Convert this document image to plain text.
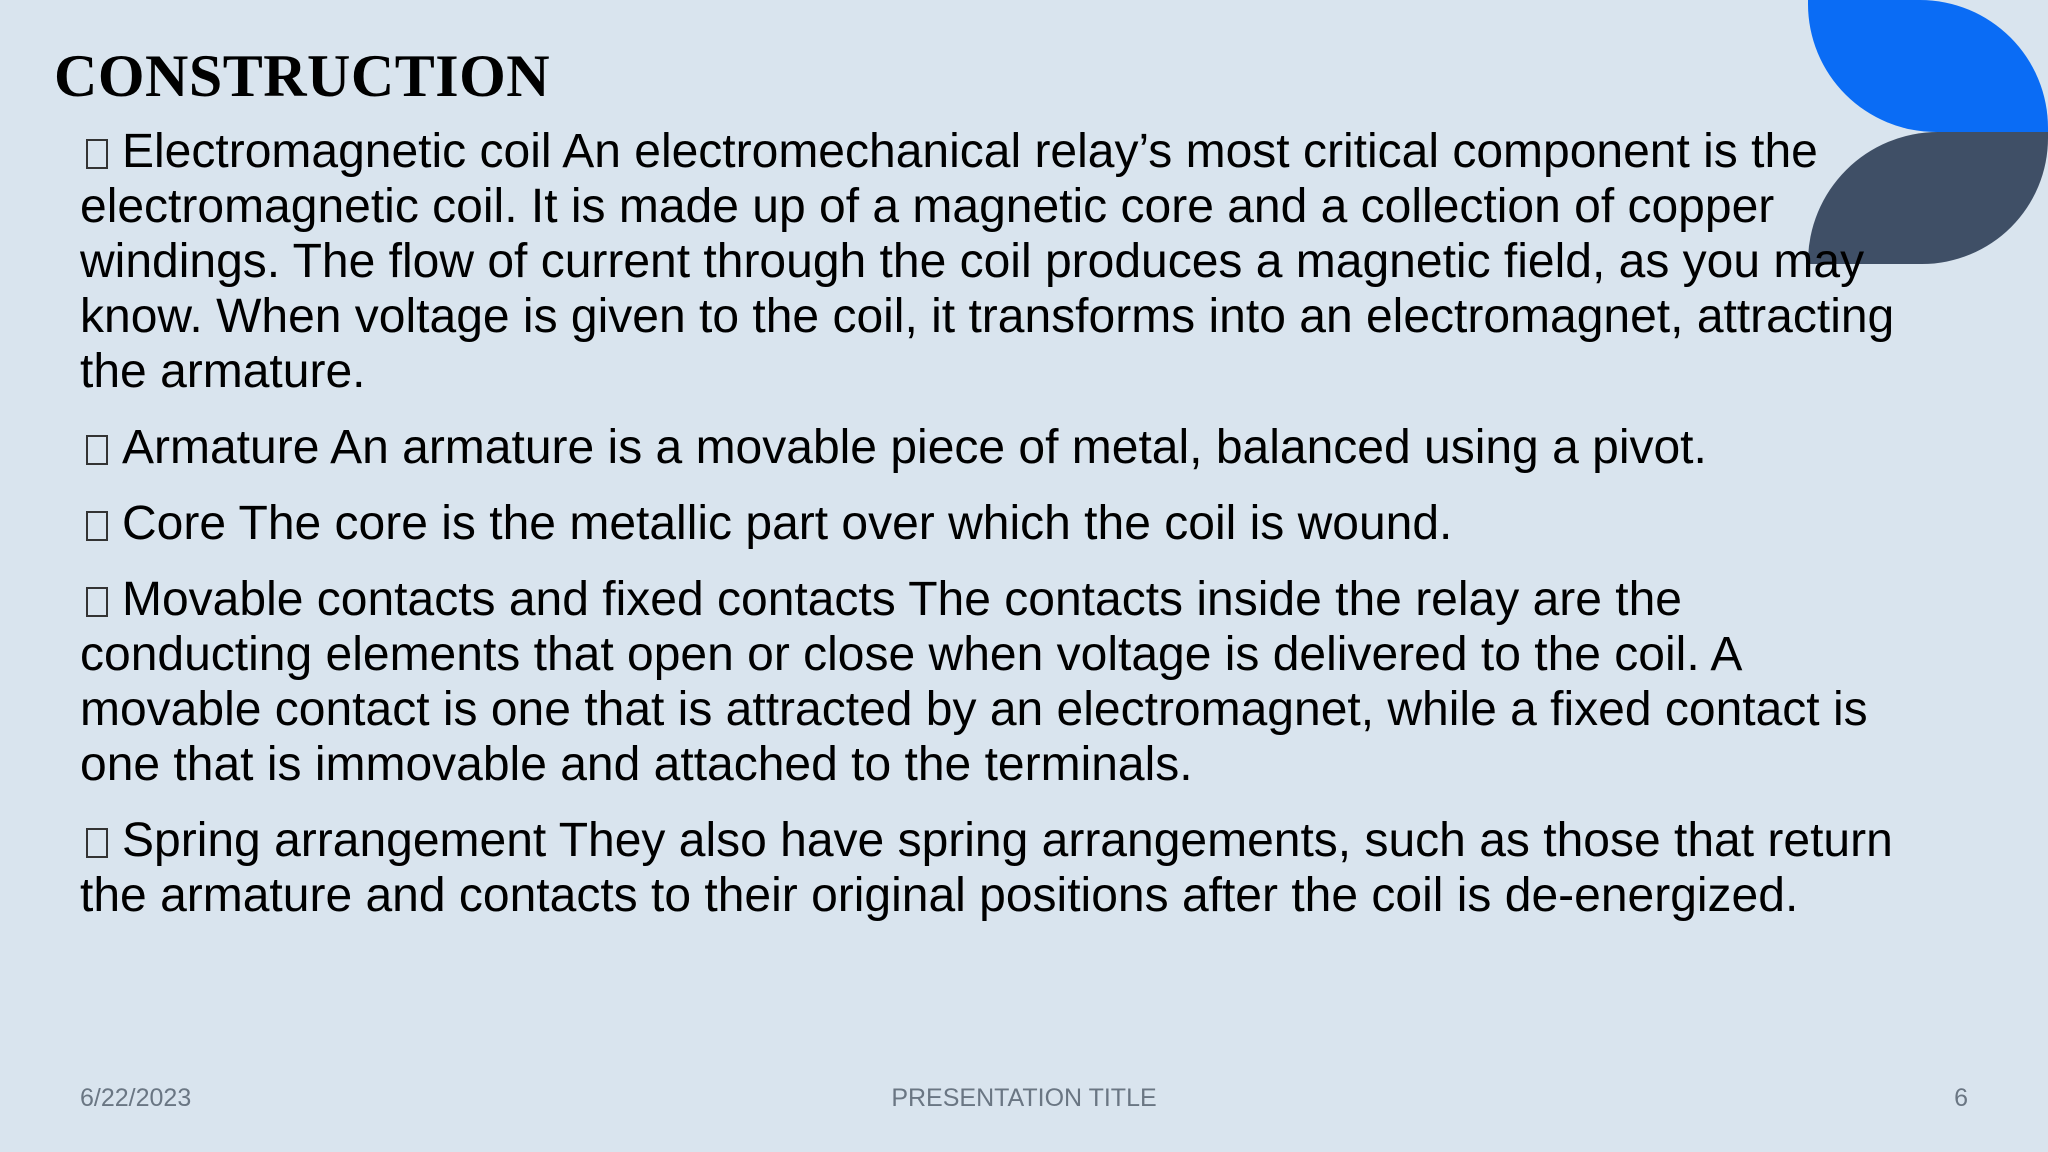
CONSTRUCTION

Electromagnetic coil An electromechanical relay’s most critical component is the electromagnetic coil. It is made up of a magnetic core and a collection of copper windings. The flow of current through the coil produces a magnetic field, as you may know. When voltage is given to the coil, it transforms into an electromagnet, attracting the armature.

Armature An armature is a movable piece of metal, balanced using a pivot.

Core The core is the metallic part over which the coil is wound.

Movable contacts and fixed contacts The contacts inside the relay are the conducting elements that open or close when voltage is delivered to the coil. A movable contact is one that is attracted by an electromagnet, while a fixed contact is one that is immovable and attached to the terminals.

Spring arrangement They also have spring arrangements, such as those that return the armature and contacts to their original positions after the coil is de-energized.

6/22/2023	PRESENTATION TITLE	6
